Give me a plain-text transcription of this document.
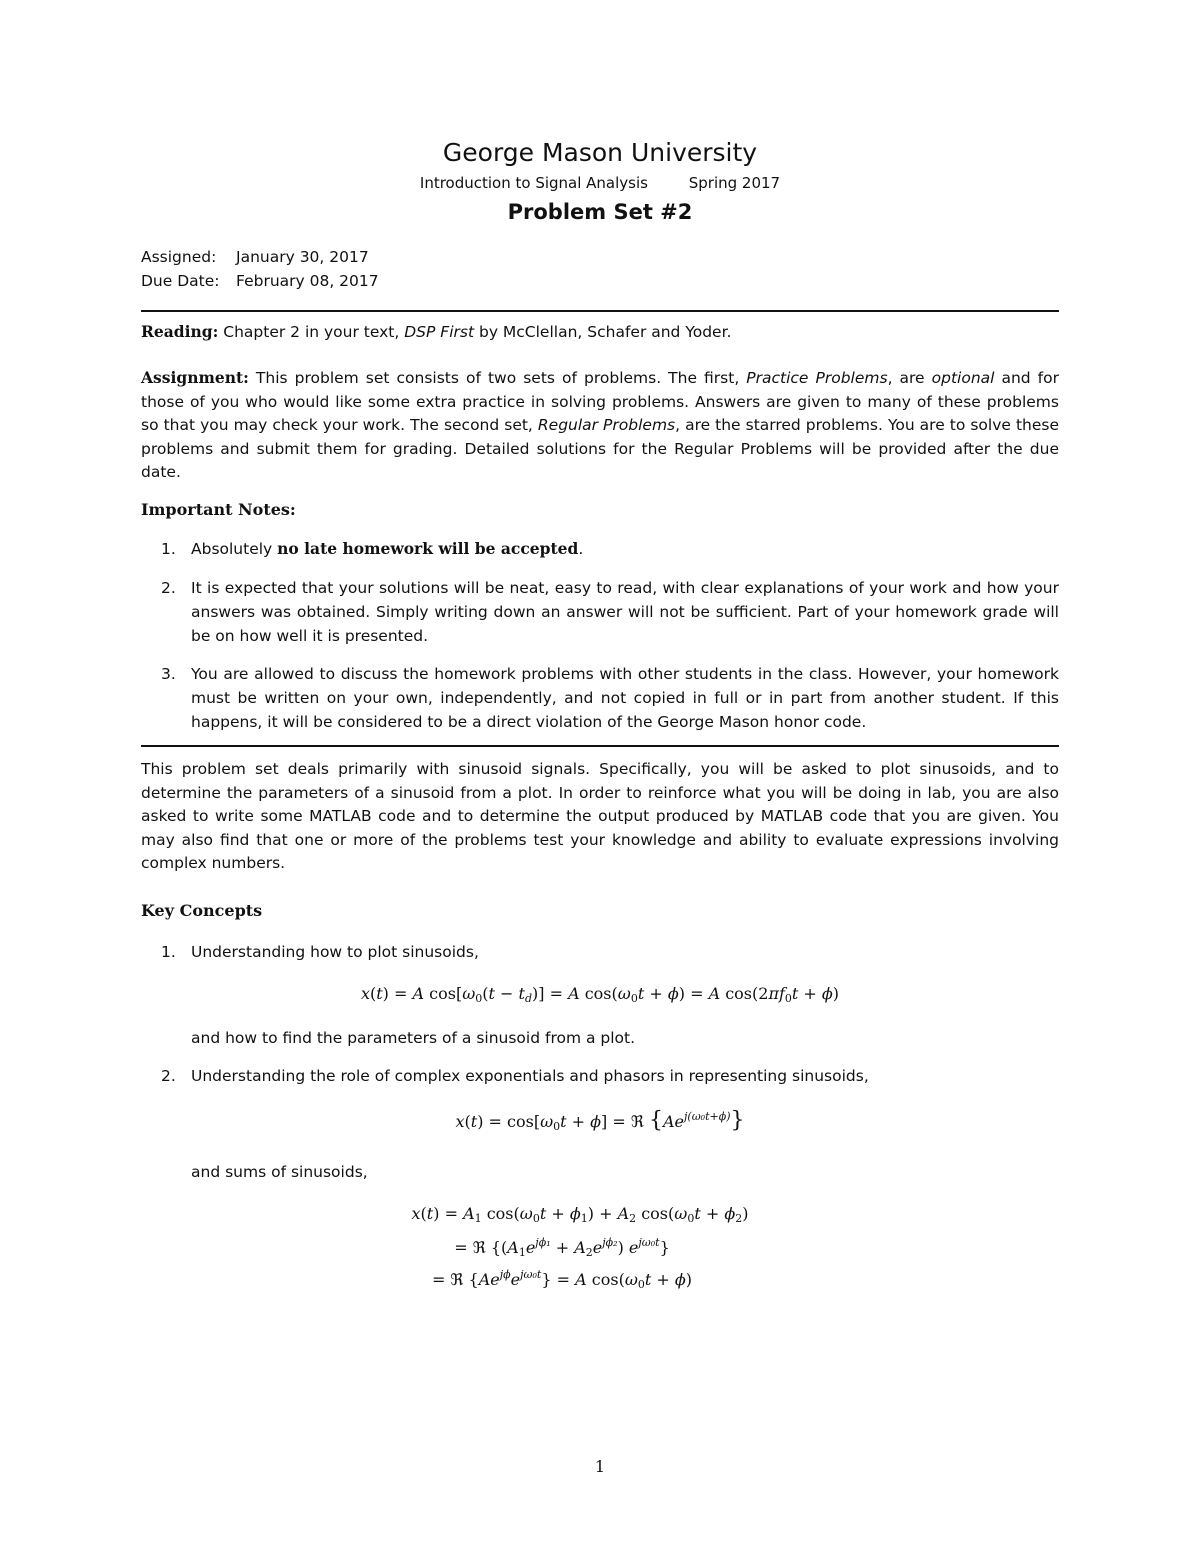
George Mason University
Introduction to Signal Analysis	Spring 2017
Problem Set #2
Assigned: January 30, 2017
Due Date: February 08, 2017
Reading: Chapter 2 in your text, DSP First by McClellan, Schafer and Yoder.
Assignment: This problem set consists of two sets of problems. The first, Practice Problems, are optional and for those of you who would like some extra practice in solving problems. Answers are given to many of these problems so that you may check your work. The second set, Regular Problems, are the starred problems. You are to solve these problems and submit them for grading. Detailed solutions for the Regular Problems will be provided after the due date.
Important Notes:
1. Absolutely no late homework will be accepted.
2. It is expected that your solutions will be neat, easy to read, with clear explanations of your work and how your answers was obtained. Simply writing down an answer will not be sufficient. Part of your homework grade will be on how well it is presented.
3. You are allowed to discuss the homework problems with other students in the class. However, your homework must be written on your own, independently, and not copied in full or in part from another student. If this happens, it will be considered to be a direct violation of the George Mason honor code.
This problem set deals primarily with sinusoid signals. Specifically, you will be asked to plot sinusoids, and to determine the parameters of a sinusoid from a plot. In order to reinforce what you will be doing in lab, you are also asked to write some MATLAB code and to determine the output produced by MATLAB code that you are given. You may also find that one or more of the problems test your knowledge and ability to evaluate expressions involving complex numbers.
Key Concepts
1. Understanding how to plot sinusoids,
x(t) = A $\cos[\omega_0(t - t_d)] = A$ $\cos(\omega_0t + \phi) = A$ $\cos(2\pi f_0t + \phi)$
and how to find the parameters of a sinusoid from a plot.
2. Understanding the role of complex exponentials and phasors in representing sinusoids,
$x(t) = \cos[\omega_0t + \phi]$ = ℜ $\{Ae^{j(\omega_0t+\phi)}\}$
and sums of sinusoids,
$x(t) = A_1$ $\cos(\omega_0t + \phi_1) + A_2$ $\cos(\omega_0t + \phi_2)$
= ℜ {$(A_1e^{j\phi_1} + A_2e^{j\phi_2})$ $e^{j\omega_0t}$}
= ℜ $\{Ae^{j\phi}e^{j\omega_0t}\} = A$ $\cos(\omega_0t + \phi)$
1
